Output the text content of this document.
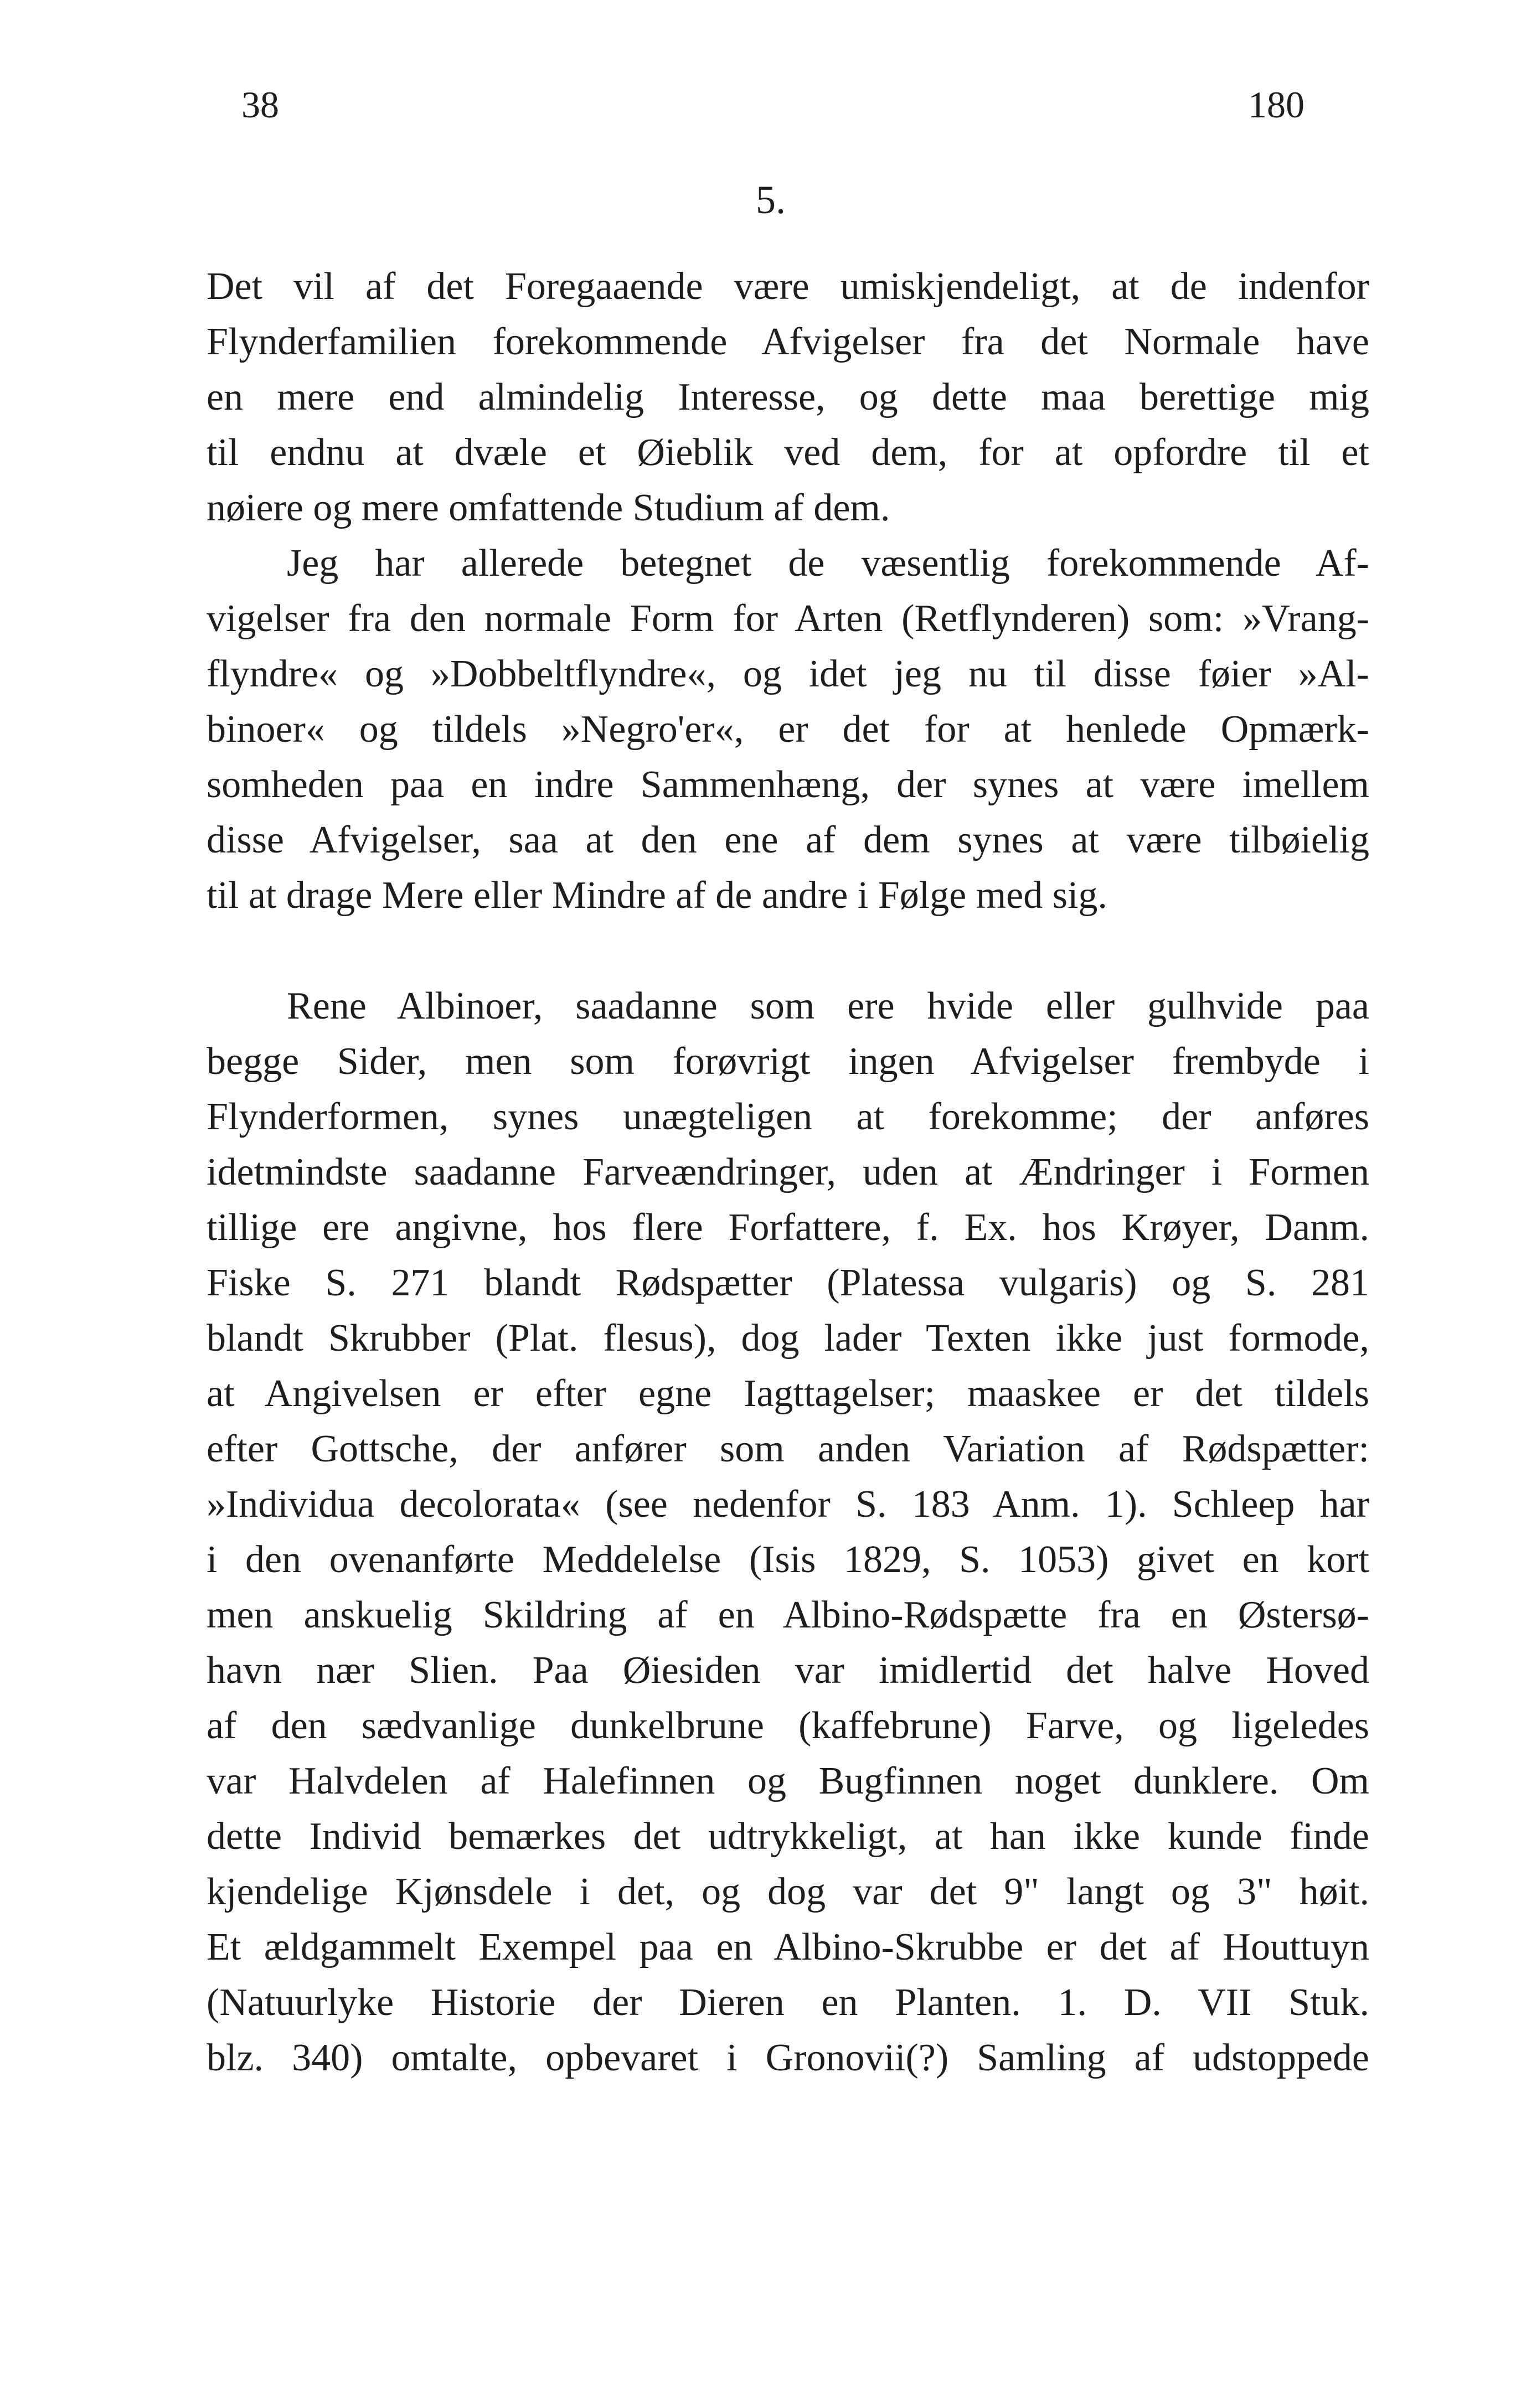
38	180
5.

Det vil af det Foregaaende være umiskjendeligt, at de indenfor
Flynderfamilien forekommende Afvigelser fra det Normale have
en mere end almindelig Interesse, og dette maa berettige mig
til endnu at dvæle et Øieblik ved dem, for at opfordre til et
nøiere og mere omfattende Studium af dem.

Jeg har allerede betegnet de væsentlig forekommende Af-
vigelser fra den normale Form for Arten (Retflynderen) som: »Vrang-
flyndre« og »Dobbeltflyndre«, og idet jeg nu til disse føier »Al-
binoer« og tildels »Negro'er«, er det for at henlede Opmærk-
somheden paa en indre Sammenhæng, der synes at være imellem
disse Afvigelser, saa at den ene af dem synes at være tilbøielig
til at drage Mere eller Mindre af de andre i Følge med sig.

Rene Albinoer, saadanne som ere hvide eller gulhvide paa
begge Sider, men som forøvrigt ingen Afvigelser frembyde i
Flynderformen, synes unægteligen at forekomme; der anføres
idetmindste saadanne Farveændringer, uden at Ændringer i Formen
tillige ere angivne, hos flere Forfattere, f. Ex. hos Krøyer, Danm.
Fiske S. 271 blandt Rødspætter (Platessa vulgaris) og S. 281
blandt Skrubber (Plat. flesus), dog lader Texten ikke just formode,
at Angivelsen er efter egne Iagttagelser; maaskee er det tildels
efter Gottsche, der anfører som anden Variation af Rødspætter:
»Individua decolorata« (see nedenfor S. 183 Anm. 1). Schleep har
i den ovenanførte Meddelelse (Isis 1829, S. 1053) givet en kort
men anskuelig Skildring af en Albino-Rødspætte fra en Østersø-
havn nær Slien. Paa Øiesiden var imidlertid det halve Hoved
af den sædvanlige dunkelbrune (kaffebrune) Farve, og ligeledes
var Halvdelen af Halefinnen og Bugfinnen noget dunklere. Om
dette Individ bemærkes det udtrykkeligt, at han ikke kunde finde
kjendelige Kjønsdele i det, og dog var det 9" langt og 3" høit.
Et ældgammelt Exempel paa en Albino-Skrubbe er det af Houttuyn
(Natuurlyke Historie der Dieren en Planten. 1. D. VII Stuk.
blz. 340) omtalte, opbevaret i Gronovii(?) Samling af udstoppede
